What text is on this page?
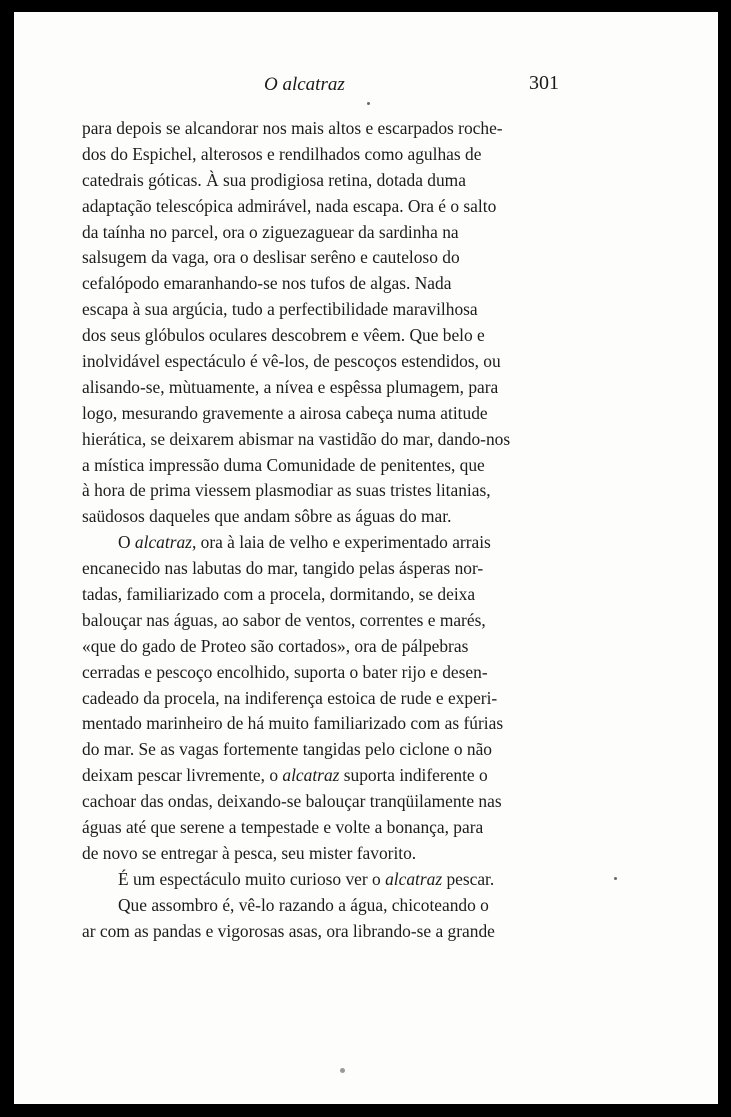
O alcatraz	301
para depois se alcandorar nos mais altos e escarpados roche-
dos do Espichel, alterosos e rendilhados como agulhas de
catedrais góticas. À sua prodigiosa retina, dotada duma
adaptação telescópica admirável, nada escapa. Ora é o salto
da taínha no parcel, ora o ziguezaguear da sardinha na
salsugem da vaga, ora o deslisar serêno e cauteloso do
cefalópodo emaranhando-se nos tufos de algas. Nada
escapa à sua argúcia, tudo a perfectibilidade maravilhosa
dos seus glóbulos oculares descobrem e vêem. Que belo e
inolvidável espectáculo é vê-los, de pescoços estendidos, ou
alisando-se, mùtuamente, a nívea e espêssa plumagem, para
logo, mesurando gravemente a airosa cabeça numa atitude
hierática, se deixarem abismar na vastidão do mar, dando-nos
a mística impressão duma Comunidade de penitentes, que
à hora de prima viessem plasmodiar as suas tristes litanias,
saüdosos daqueles que andam sôbre as águas do mar.
O alcatraz, ora à laia de velho e experimentado arrais
encanecido nas labutas do mar, tangido pelas ásperas nor-
tadas, familiarizado com a procela, dormitando, se deixa
balouçar nas águas, ao sabor de ventos, correntes e marés,
«que do gado de Proteo são cortados», ora de pálpebras
cerradas e pescoço encolhido, suporta o bater rijo e desen-
cadeado da procela, na indiferença estoica de rude e experi-
mentado marinheiro de há muito familiarizado com as fúrias
do mar. Se as vagas fortemente tangidas pelo ciclone o não
deixam pescar livremente, o alcatraz suporta indiferente o
cachoar das ondas, deixando-se balouçar tranqüilamente nas
águas até que serene a tempestade e volte a bonança, para
de novo se entregar à pesca, seu mister favorito.
É um espectáculo muito curioso ver o alcatraz pescar.
Que assombro é, vê-lo razando a água, chicoteando o
ar com as pandas e vigorosas asas, ora librando-se a grande
